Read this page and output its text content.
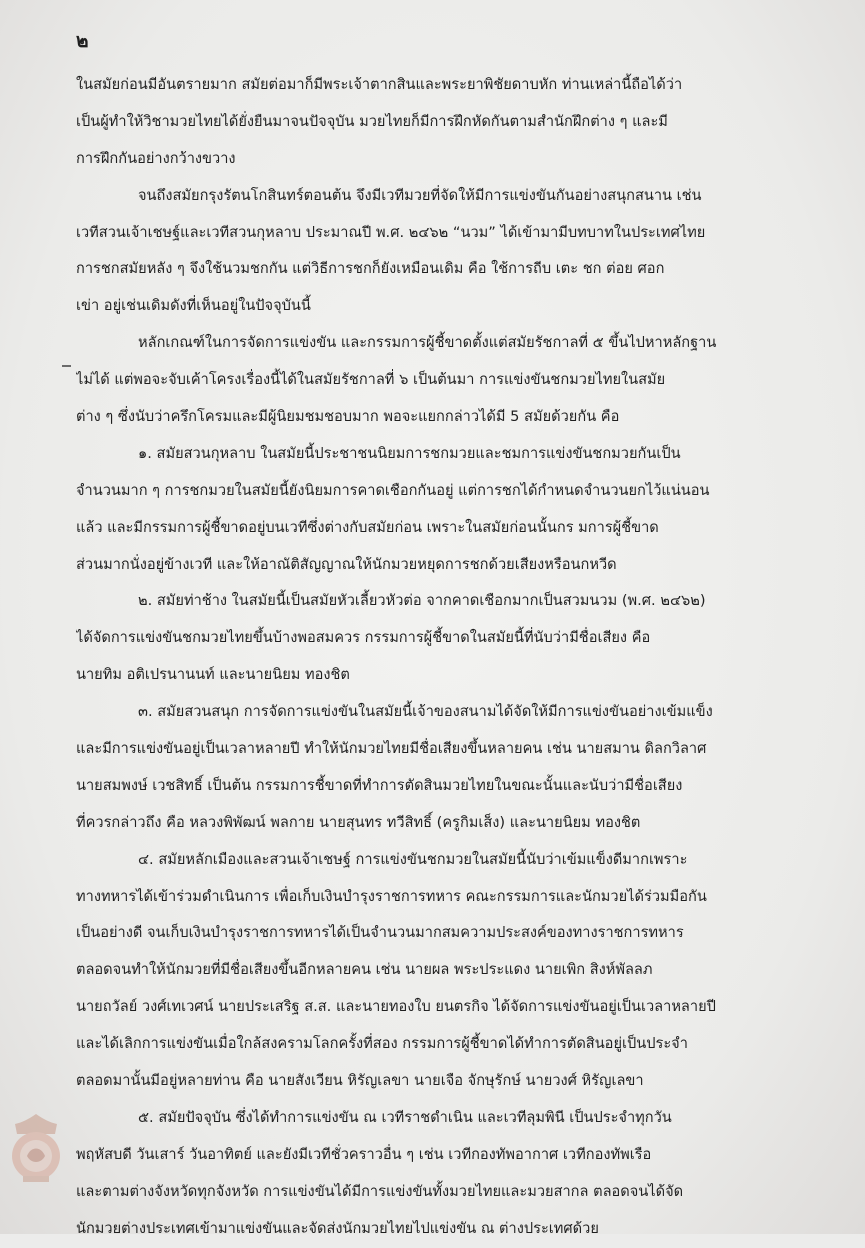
๒
ในสมัยก่อนมีอันตรายมาก สมัยต่อมาก็มีพระเจ้าตากสินและพระยาพิชัยดาบหัก ท่านเหล่านี้ถือได้ว่า
เป็นผู้ทำให้วิชามวยไทยได้ยั่งยืนมาจนปัจจุบัน มวยไทยก็มีการฝึกหัดกันตามสำนักฝึกต่าง ๆ และมี
การฝึกกันอย่างกว้างขวาง
จนถึงสมัยกรุงรัตนโกสินทร์ตอนต้น จึงมีเวทีมวยที่จัดให้มีการแข่งขันกันอย่างสนุกสนาน เช่น
เวทีสวนเจ้าเชษฐ์และเวทีสวนกุหลาบ ประมาณปี พ.ศ. ๒๔๖๒ “นวม” ได้เข้ามามีบทบาทในประเทศไทย
การชกสมัยหลัง ๆ จึงใช้นวมชกกัน แต่วิธีการชกก็ยังเหมือนเดิม คือ ใช้การถีบ เตะ ชก ต่อย ศอก
เข่า อยู่เช่นเดิมดังที่เห็นอยู่ในปัจจุบันนี้
หลักเกณฑ์ในการจัดการแข่งขัน และกรรมการผู้ชี้ขาดตั้งแต่สมัยรัชกาลที่ ๕ ขึ้นไปหาหลักฐาน
ไม่ได้ แต่พอจะจับเค้าโครงเรื่องนี้ได้ในสมัยรัชกาลที่ ๖ เป็นต้นมา การแข่งขันชกมวยไทยในสมัย
ต่าง ๆ ซึ่งนับว่าครึกโครมและมีผู้นิยมชมชอบมาก พอจะแยกกล่าวได้มี 5 สมัยด้วยกัน คือ
๑. สมัยสวนกุหลาบ ในสมัยนี้ประชาชนนิยมการชกมวยและชมการแข่งขันชกมวยกันเป็น
จำนวนมาก ๆ การชกมวยในสมัยนี้ยังนิยมการคาดเชือกกันอยู่ แต่การชกได้กำหนดจำนวนยกไว้แน่นอน
แล้ว และมีกรรมการผู้ชี้ขาดอยู่บนเวทีซึ่งต่างกับสมัยก่อน เพราะในสมัยก่อนนั้นกร มการผู้ชี้ขาด
ส่วนมากนั่งอยู่ข้างเวที และให้อาณัติสัญญาณให้นักมวยหยุดการชกด้วยเสียงหรือนกหวีด
๒. สมัยท่าช้าง ในสมัยนี้เป็นสมัยหัวเลี้ยวหัวต่อ จากคาดเชือกมากเป็นสวมนวม (พ.ศ. ๒๔๖๒)
ได้จัดการแข่งขันชกมวยไทยขึ้นบ้างพอสมควร กรรมการผู้ชี้ขาดในสมัยนี้ที่นับว่ามีชื่อเสียง คือ
นายทิม อติเปรนานนท์ และนายนิยม ทองชิต
๓. สมัยสวนสนุก การจัดการแข่งขันในสมัยนี้เจ้าของสนามได้จัดให้มีการแข่งขันอย่างเข้มแข็ง
และมีการแข่งขันอยู่เป็นเวลาหลายปี ทำให้นักมวยไทยมีชื่อเสียงขึ้นหลายคน เช่น นายสมาน ดิลกวิลาศ
นายสมพงษ์ เวชสิทธิ์ เป็นต้น กรรมการชี้ขาดที่ทำการตัดสินมวยไทยในขณะนั้นและนับว่ามีชื่อเสียง
ที่ควรกล่าวถึง คือ หลวงพิพัฒน์ พลกาย นายสุนทร ทวีสิทธิ์ (ครูกิมเส็ง) และนายนิยม ทองชิต
๔. สมัยหลักเมืองและสวนเจ้าเชษฐ์ การแข่งขันชกมวยในสมัยนี้นับว่าเข้มแข็งดีมากเพราะ
ทางทหารได้เข้าร่วมดำเนินการ เพื่อเก็บเงินบำรุงราชการทหาร คณะกรรมการและนักมวยได้ร่วมมือกัน
เป็นอย่างดี จนเก็บเงินบำรุงราชการทหารได้เป็นจำนวนมากสมความประสงค์ของทางราชการทหาร
ตลอดจนทำให้นักมวยที่มีชื่อเสียงขึ้นอีกหลายคน เช่น นายผล พระประแดง นายเพิก สิงห์พัลลภ
นายถวัลย์ วงศ์เทเวศน์ นายประเสริฐ ส.ส. และนายทองใบ ยนตรกิจ ได้จัดการแข่งขันอยู่เป็นเวลาหลายปี
และได้เลิกการแข่งขันเมื่อใกล้สงครามโลกครั้งที่สอง กรรมการผู้ชี้ขาดได้ทำการตัดสินอยู่เป็นประจำ
ตลอดมานั้นมีอยู่หลายท่าน คือ นายสังเวียน หิรัญเลขา นายเจือ จักษุรักษ์ นายวงศ์ หิรัญเลขา
๕. สมัยปัจจุบัน ซึ่งได้ทำการแข่งขัน ณ เวทีราชดำเนิน และเวทีลุมพินี เป็นประจำทุกวัน
พฤหัสบดี วันเสาร์ วันอาทิตย์ และยังมีเวทีชั่วคราวอื่น ๆ เช่น เวทีกองทัพอากาศ เวทีกองทัพเรือ
และตามต่างจังหวัดทุกจังหวัด การแข่งขันได้มีการแข่งขันทั้งมวยไทยและมวยสากล ตลอดจนได้จัด
นักมวยต่างประเทศเข้ามาแข่งขันและจัดส่งนักมวยไทยไปแข่งขัน ณ ต่างประเทศด้วย
